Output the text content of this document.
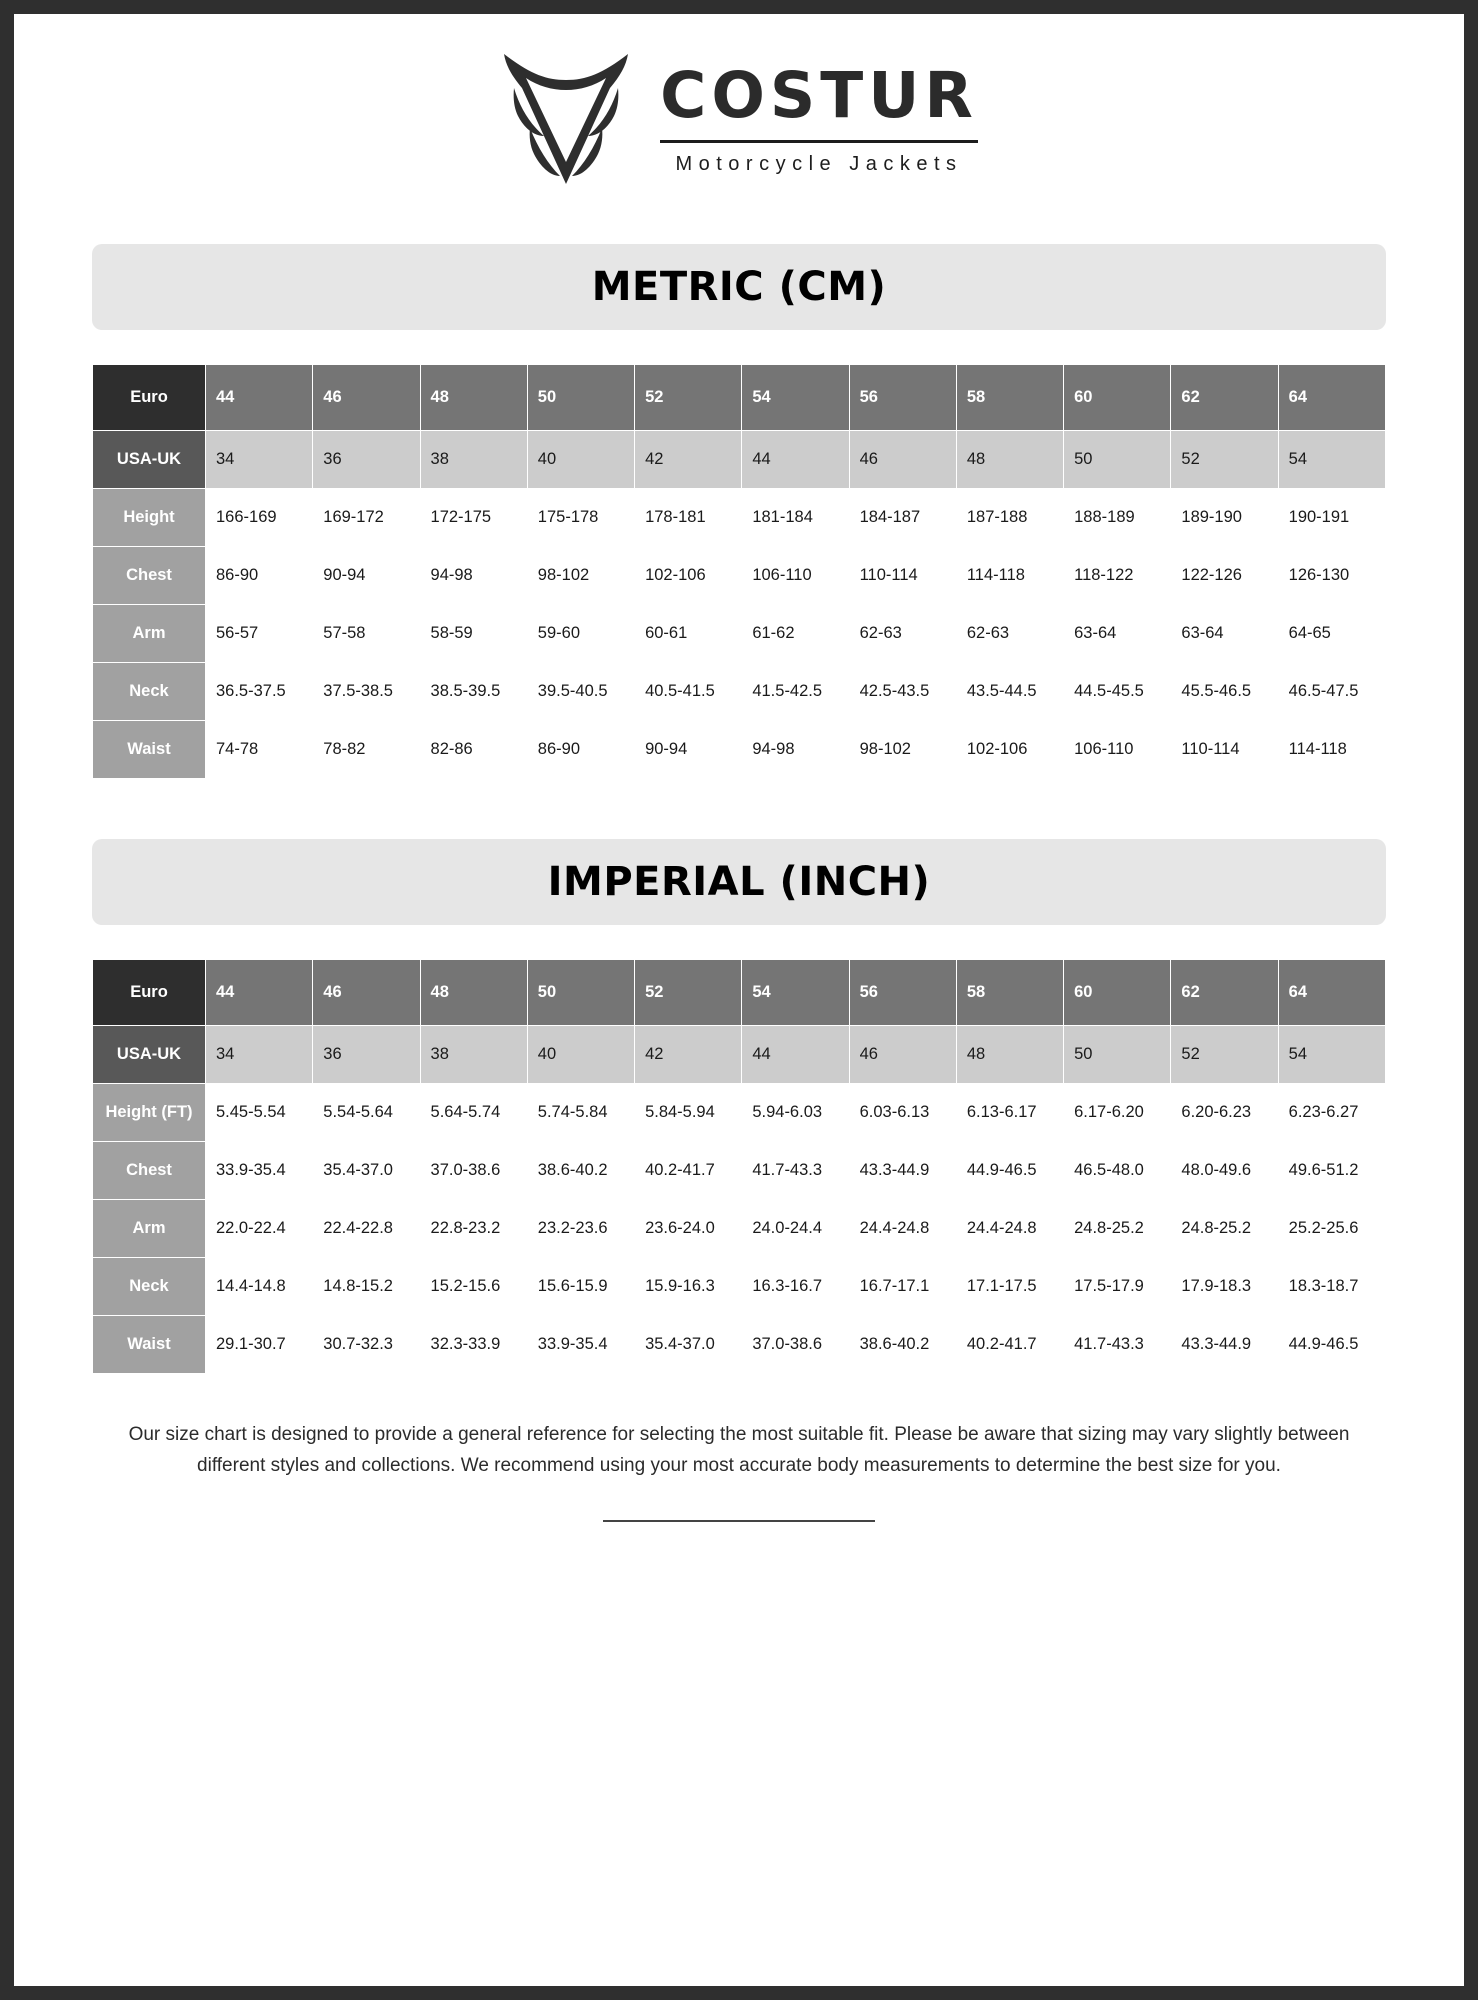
COSTUR
Motorcycle Jackets
METRIC (CM)
Euro	44	46	48	50	52	54	56	58	60	62	64
USA-UK	34	36	38	40	42	44	46	48	50	52	54
Height	166-169	169-172	172-175	175-178	178-181	181-184	184-187	187-188	188-189	189-190	190-191
Chest	86-90	90-94	94-98	98-102	102-106	106-110	110-114	114-118	118-122	122-126	126-130
Arm	56-57	57-58	58-59	59-60	60-61	61-62	62-63	62-63	63-64	63-64	64-65
Neck	36.5-37.5	37.5-38.5	38.5-39.5	39.5-40.5	40.5-41.5	41.5-42.5	42.5-43.5	43.5-44.5	44.5-45.5	45.5-46.5	46.5-47.5
Waist	74-78	78-82	82-86	86-90	90-94	94-98	98-102	102-106	106-110	110-114	114-118
IMPERIAL (INCH)
Euro	44	46	48	50	52	54	56	58	60	62	64
USA-UK	34	36	38	40	42	44	46	48	50	52	54
Height (FT)	5.45-5.54	5.54-5.64	5.64-5.74	5.74-5.84	5.84-5.94	5.94-6.03	6.03-6.13	6.13-6.17	6.17-6.20	6.20-6.23	6.23-6.27
Chest	33.9-35.4	35.4-37.0	37.0-38.6	38.6-40.2	40.2-41.7	41.7-43.3	43.3-44.9	44.9-46.5	46.5-48.0	48.0-49.6	49.6-51.2
Arm	22.0-22.4	22.4-22.8	22.8-23.2	23.2-23.6	23.6-24.0	24.0-24.4	24.4-24.8	24.4-24.8	24.8-25.2	24.8-25.2	25.2-25.6
Neck	14.4-14.8	14.8-15.2	15.2-15.6	15.6-15.9	15.9-16.3	16.3-16.7	16.7-17.1	17.1-17.5	17.5-17.9	17.9-18.3	18.3-18.7
Waist	29.1-30.7	30.7-32.3	32.3-33.9	33.9-35.4	35.4-37.0	37.0-38.6	38.6-40.2	40.2-41.7	41.7-43.3	43.3-44.9	44.9-46.5
Our size chart is designed to provide a general reference for selecting the most suitable fit. Please be aware that sizing may vary slightly between different styles and collections. We recommend using your most accurate body measurements to determine the best size for you.
